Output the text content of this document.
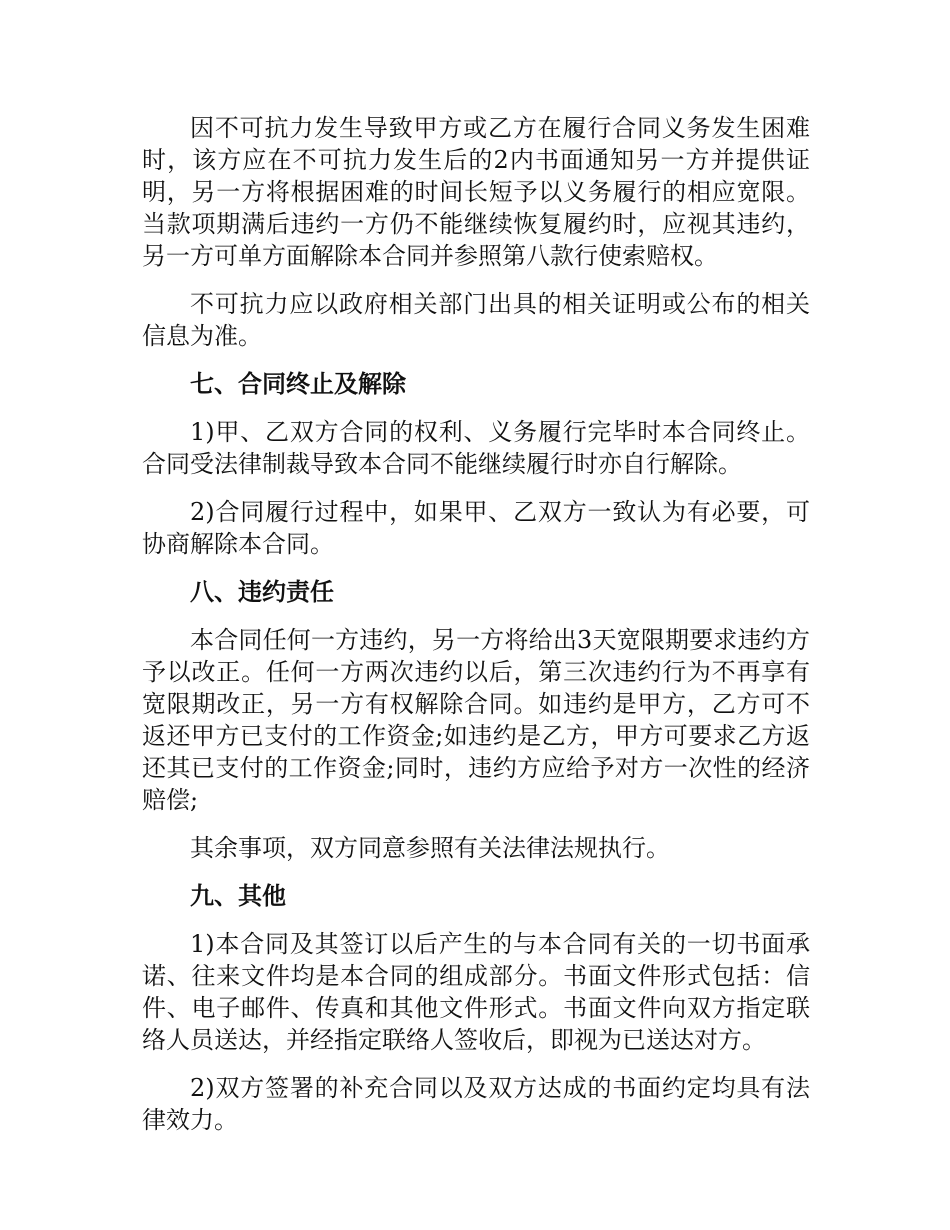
因不可抗力发生导致甲方或乙方在履行合同义务发生困难时，该方应在不可抗力发生后的2内书面通知另一方并提供证明，另一方将根据困难的时间长短予以义务履行的相应宽限。当款项期满后违约一方仍不能继续恢复履约时，应视其违约，另一方可单方面解除本合同并参照第八款行使索赔权。

不可抗力应以政府相关部门出具的相关证明或公布的相关信息为准。

七、合同终止及解除

1)甲、乙双方合同的权利、义务履行完毕时本合同终止。合同受法律制裁导致本合同不能继续履行时亦自行解除。

2)合同履行过程中，如果甲、乙双方一致认为有必要，可协商解除本合同。

八、违约责任

本合同任何一方违约，另一方将给出3天宽限期要求违约方予以改正。任何一方两次违约以后，第三次违约行为不再享有宽限期改正，另一方有权解除合同。如违约是甲方，乙方可不返还甲方已支付的工作资金;如违约是乙方，甲方可要求乙方返还其已支付的工作资金;同时，违约方应给予对方一次性的经济赔偿;

其余事项，双方同意参照有关法律法规执行。

九、其他

1)本合同及其签订以后产生的与本合同有关的一切书面承诺、往来文件均是本合同的组成部分。书面文件形式包括：信件、电子邮件、传真和其他文件形式。书面文件向双方指定联络人员送达，并经指定联络人签收后，即视为已送达对方。

2)双方签署的补充合同以及双方达成的书面约定均具有法律效力。
